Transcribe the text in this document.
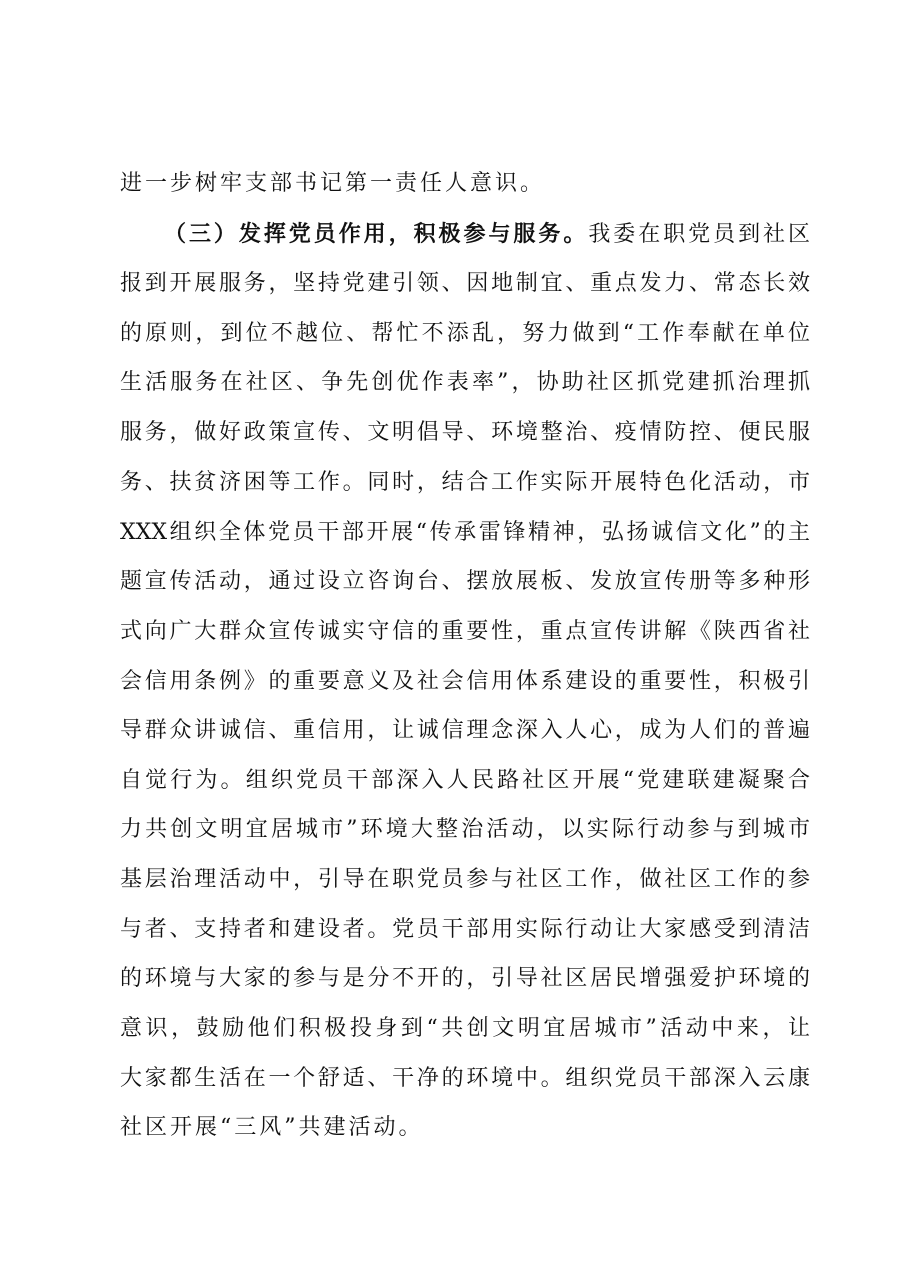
进一步树牢支部书记第一责任人意识。
（三）发挥党员作用，积极参与服务。我委在职党员到社区
报到开展服务，坚持党建引领、因地制宜、重点发力、常态长效
的原则，到位不越位、帮忙不添乱，努力做到“工作奉献在单位
生活服务在社区、争先创优作表率”，协助社区抓党建抓治理抓
服务，做好政策宣传、文明倡导、环境整治、疫情防控、便民服
务、扶贫济困等工作。同时，结合工作实际开展特色化活动，市
XXX组织全体党员干部开展“传承雷锋精神，弘扬诚信文化”的主
题宣传活动，通过设立咨询台、摆放展板、发放宣传册等多种形
式向广大群众宣传诚实守信的重要性，重点宣传讲解《陕西省社
会信用条例》的重要意义及社会信用体系建设的重要性，积极引
导群众讲诚信、重信用，让诚信理念深入人心，成为人们的普遍
自觉行为。组织党员干部深入人民路社区开展“党建联建凝聚合
力共创文明宜居城市”环境大整治活动，以实际行动参与到城市
基层治理活动中，引导在职党员参与社区工作，做社区工作的参
与者、支持者和建设者。党员干部用实际行动让大家感受到清洁
的环境与大家的参与是分不开的，引导社区居民增强爱护环境的
意识，鼓励他们积极投身到“共创文明宜居城市”活动中来，让
大家都生活在一个舒适、干净的环境中。组织党员干部深入云康
社区开展“三风”共建活动。
